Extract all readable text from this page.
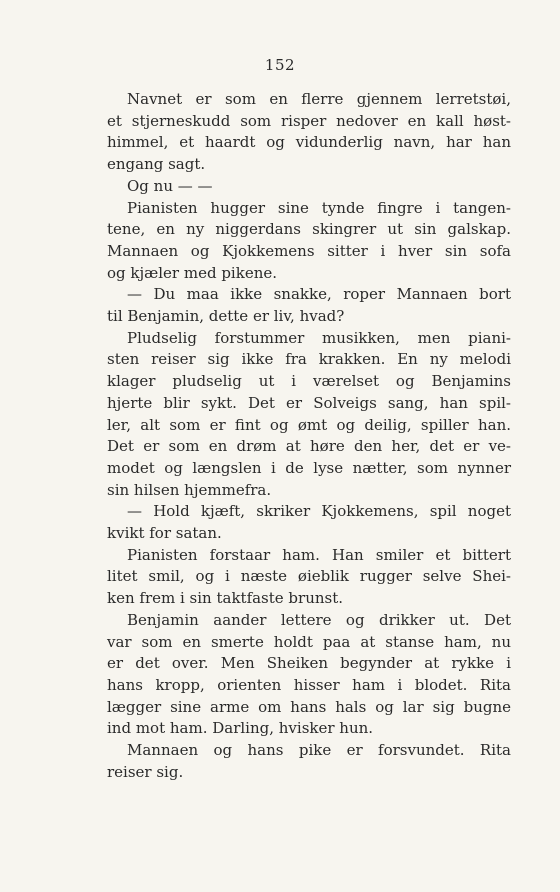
152
Navnet er som en flerre gjennem lerretstøi,
et stjerneskudd som risper nedover en kall høst-
himmel, et haardt og vidunderlig navn, har han
engang sagt.
Og nu — —
Pianisten hugger sine tynde fingre i tangen-
tene, en ny niggerdans skingrer ut sin galskap.
Mannaen og Kjokkemens sitter i hver sin sofa
og kjæler med pikene.
— Du maa ikke snakke, roper Mannaen bort
til Benjamin, dette er liv, hvad?
Pludselig forstummer musikken, men piani-
sten reiser sig ikke fra krakken. En ny melodi
klager pludselig ut i værelset og Benjamins
hjerte blir sykt. Det er Solveigs sang, han spil-
ler, alt som er fint og ømt og deilig, spiller han.
Det er som en drøm at høre den her, det er ve-
modet og længslen i de lyse nætter, som nynner
sin hilsen hjemmefra.
— Hold kjæft, skriker Kjokkemens, spil noget
kvikt for satan.
Pianisten forstaar ham. Han smiler et bittert
litet smil, og i næste øieblik rugger selve Shei-
ken frem i sin taktfaste brunst.
Benjamin aander lettere og drikker ut. Det
var som en smerte holdt paa at stanse ham, nu
er det over. Men Sheiken begynder at rykke i
hans kropp, orienten hisser ham i blodet. Rita
lægger sine arme om hans hals og lar sig bugne
ind mot ham. Darling, hvisker hun.
Mannaen og hans pike er forsvundet. Rita
reiser sig.
